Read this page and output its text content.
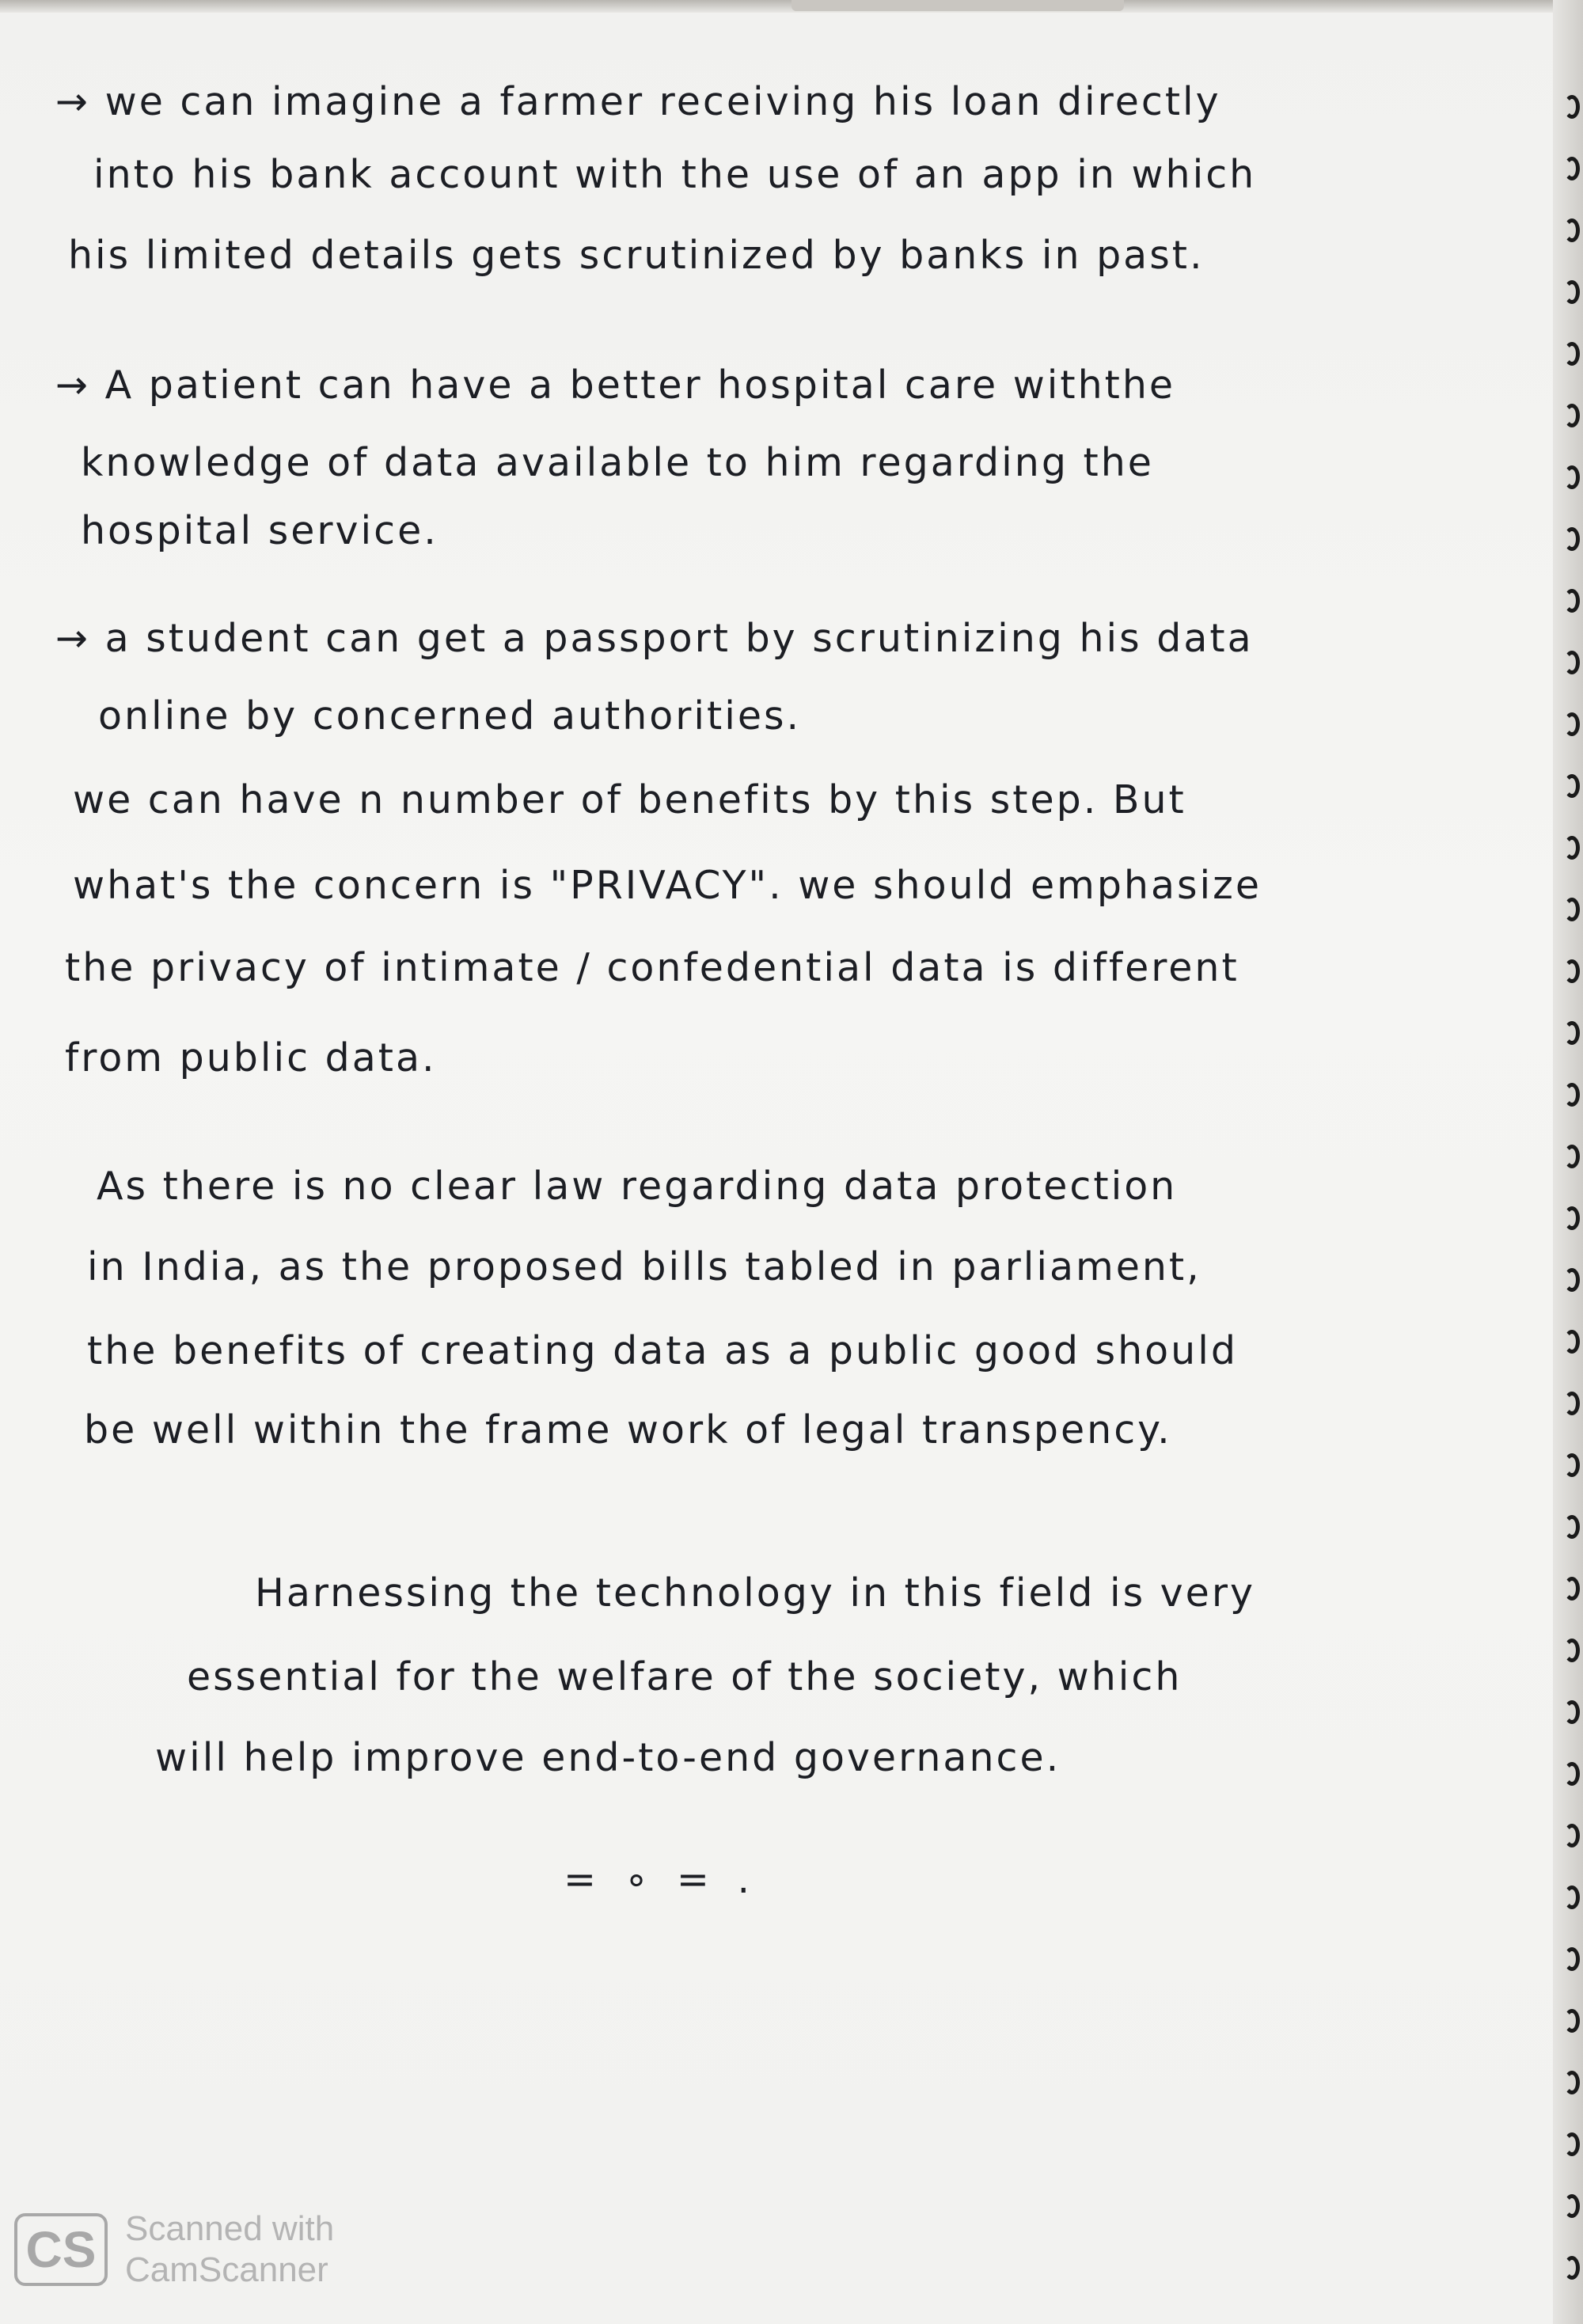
→ we can imagine a farmer receiving his loan directly

into his bank account with the use of an app in which

his limited details gets scrutinized by banks in past.

→ A patient can have a better hospital care withthe

knowledge of data available to him regarding the

hospital service.

→ a student can get a passport by scrutinizing his data

online by concerned authorities.

we can have n number of benefits by this step. But

what's the concern is "PRIVACY". we should emphasize

the privacy of intimate / confedential data is different

from public data.

As there is no clear law regarding data protection

in India, as the proposed bills tabled in parliament,

the benefits of creating data as a public good should

be well within the frame work of legal transpency.

Harnessing the technology in this field is very

essential for the welfare of the society, which

will help improve end-to-end governance.

= ∘ = .

CS Scanned with
CamScanner
